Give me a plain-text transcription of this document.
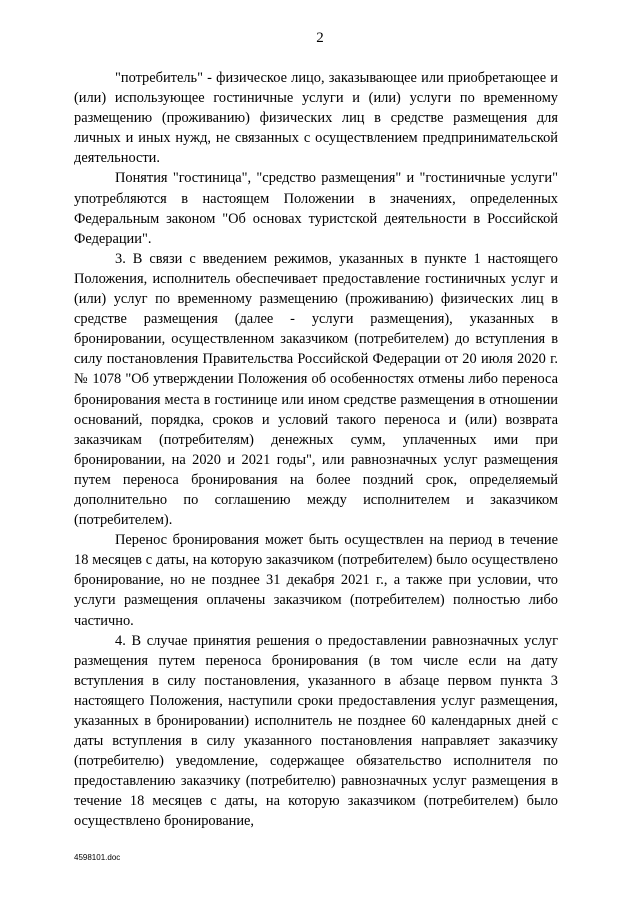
2

"потребитель" - физическое лицо, заказывающее или приобретающее и (или) использующее гостиничные услуги и (или) услуги по временному размещению (проживанию) физических лиц в средстве размещения для личных и иных нужд, не связанных с осуществлением предпринимательской деятельности.

Понятия "гостиница", "средство размещения" и "гостиничные услуги" употребляются в настоящем Положении в значениях, определенных Федеральным законом "Об основах туристской деятельности в Российской Федерации".

3. В связи с введением режимов, указанных в пункте 1 настоящего Положения, исполнитель обеспечивает предоставление гостиничных услуг и (или) услуг по временному размещению (проживанию) физических лиц в средстве размещения (далее - услуги размещения), указанных в бронировании, осуществленном заказчиком (потребителем) до вступления в силу постановления Правительства Российской Федерации от 20 июля 2020 г. № 1078 "Об утверждении Положения об особенностях отмены либо переноса бронирования места в гостинице или ином средстве размещения в отношении оснований, порядка, сроков и условий такого переноса и (или) возврата заказчикам (потребителям) денежных сумм, уплаченных ими при бронировании, на 2020 и 2021 годы", или равнозначных услуг размещения путем переноса бронирования на более поздний срок, определяемый дополнительно по соглашению между исполнителем и заказчиком (потребителем).

Перенос бронирования может быть осуществлен на период в течение 18 месяцев с даты, на которую заказчиком (потребителем) было осуществлено бронирование, но не позднее 31 декабря 2021 г., а также при условии, что услуги размещения оплачены заказчиком (потребителем) полностью либо частично.

4. В случае принятия решения о предоставлении равнозначных услуг размещения путем переноса бронирования (в том числе если на дату вступления в силу постановления, указанного в абзаце первом пункта 3 настоящего Положения, наступили сроки предоставления услуг размещения, указанных в бронировании) исполнитель не позднее 60 календарных дней с даты вступления в силу указанного постановления направляет заказчику (потребителю) уведомление, содержащее обязательство исполнителя по предоставлению заказчику (потребителю) равнозначных услуг размещения в течение 18 месяцев с даты, на которую заказчиком (потребителем) было осуществлено бронирование,

4598101.doc
